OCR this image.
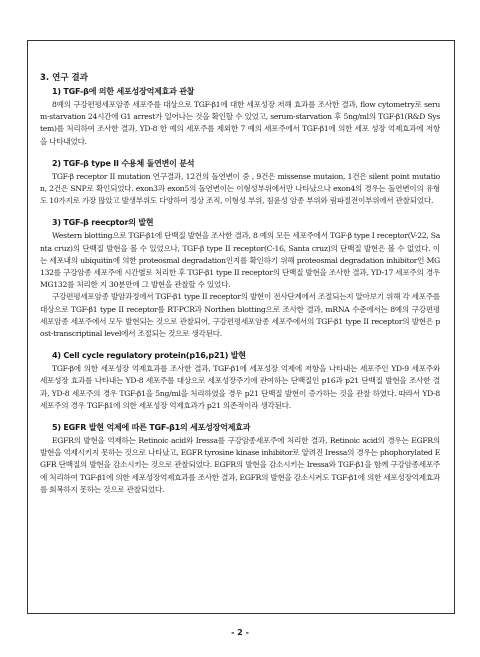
3. 연구 결과
1) TGF-β에 의한 세포성장억제효과 관찰

8예의 구강편평세포암종 세포주를 대상으로 TGF-β1에 대한 세포성장 저해 효과를 조사한 결과, flow cytometry로 serum-starvation 24시간에 G1 arrest가 일어나는 것을 확인할 수 있었고, serum-starvation 후 5ng/ml의 TGF-β1(R&D System)를 처리하여 조사한 결과, YD-8 한 예의 세포주를 제외한 7 예의 세포주에서 TGF-β1에 의한 세포 성장 억제효과에 저항을 나타내었다.

2) TGF-β type II 수용체 돌연변이 분석

TGF-β receptor II mutation 연구결과, 12건의 돌연변이 중 , 9건은 missense mutaion, 1건은 silent point mutation, 2건은 SNP로 확인되었다. exon3과 exon5의 돌연변이는 이형성부위에서만 나타났으나 exon4의 경우는 돌연변이의 유형도 10가지로 가장 많았고 발생부위도 다양하여 정상 조직, 이형성 부위, 침윤성 암종 부위와 림파절전이부위에서 관찰되었다.

3) TGF-β reecptor의 발현

Western blotting으로 TGF-β1에 단백질 발현을 조사한 결과, 8 예의 모든 세포주에서 TGF-β type I receptor(V-22, Santa cruz)의 단백질 발현을 볼 수 있었으나, TGF-β type II receptor(C-16, Santa cruz)의 단백질 발현은 볼 수 없었다. 이는 세포내의 ubiquitin에 의한 proteosmal degradation인지를 확인하기 위해 proteosmal degradation inhibitor인 MG132를 구강암종 세포주에 시간별로 처리한 후 TGF-β1 type II receptor의 단백질 발현을 조사한 결과, YD-17 세포주의 경우 MG132를 처리한 지 30분만에 그 발현을 관찰할 수 있었다.

구강편평세포암종 발암과정에서 TGF-β1 type II receptor의 발현이 전사단계에서 조절되는지 알아보기 위해 각 세포주를 대상으로 TGF-β1 type II receptor를 RT-PCR과 Northen blotting으로 조사한 결과, mRNA 수준에서는 8예의 구강편평세포암종 세포주에서 모두 발현되는 것으로 관찰되어, 구강편평세포암종 세포주에서의 TGF-β1 type II receptor의 발현은 post-transcriptinal level에서 조절되는 것으로 생각된다.

4) Cell cycle regulatory protein(p16,p21) 발현

TGF-β에 의한 세포성장 억제효과를 조사한 결과, TGF-β1에 세포성장 억제에 저항을 나타내는 세포주인 YD-9 세포주와 세포성장 효과를 나타내는 YD-8 세포주를 대상으로 세포성장주기에 관여하는 단백질인 p16과 p21 단백질 발현을 조사한 결과, YD-8 세포주의 경우 TGF-β1을 5ng/ml을 처리하였을 경우 p21 단백질 발현이 증가하는 것을 관찰 하였다. 따라서 YD-8 세포주의 경우 TGF-β1에 의한 세포성장 억제효과가 p21 의존적이라 생각된다.

5) EGFR 발현 억제에 따른 TGF-β1의 세포성장억제효과

EGFR의 발현을 억제하는 Retinoic acid와 Iressa를 구강암종세포주에 처리한 결과, Retinoic acid의 경우는 EGFR의 발현을 억제시키지 못하는 것으로 나타났고, EGFR tyrosine kinase inhibitor로 알려진 Iressa의 경우는 phophorylated EGFR 단백질의 발현을 감소시키는 것으로 관찰되었다. EGFR의 발현을 감소시키는 Iressa와 TGF-β1을 함께 구강암종세포주에 처리하여 TGF-β1에 의한 세포성장억제효과를 조사한 결과, EGFR의 발현을 감소시켜도 TGF-β1에 의한 세포성장억제효과를 회복하지 못하는 것으로 관찰되었다.

- 2 -
